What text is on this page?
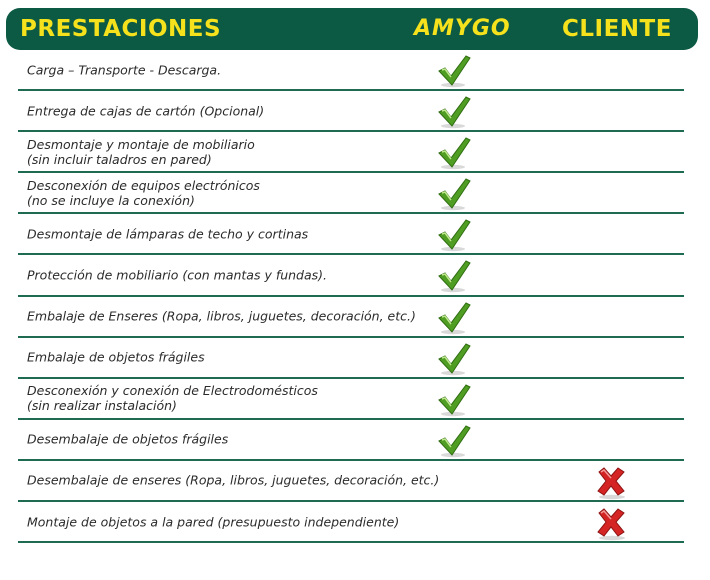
PRESTACIONES	AMYGO CLIENTE
Carga – Transporte - Descarga.
Entrega de cajas de cartón (Opcional)
Desmontaje y montaje de mobiliario
(sin incluir taladros en pared)
Desconexión de equipos electrónicos
(no se incluye la conexión)
Desmontaje de lámparas de techo y cortinas
Protección de mobiliario (con mantas y fundas).
Embalaje de Enseres (Ropa, libros, juguetes, decoración, etc.)
Embalaje de objetos frágiles
Desconexión y conexión de Electrodomésticos
(sin realizar instalación)
Desembalaje de objetos frágiles
Desembalaje de enseres (Ropa, libros, juguetes, decoración, etc.)
Montaje de objetos a la pared (presupuesto independiente)
